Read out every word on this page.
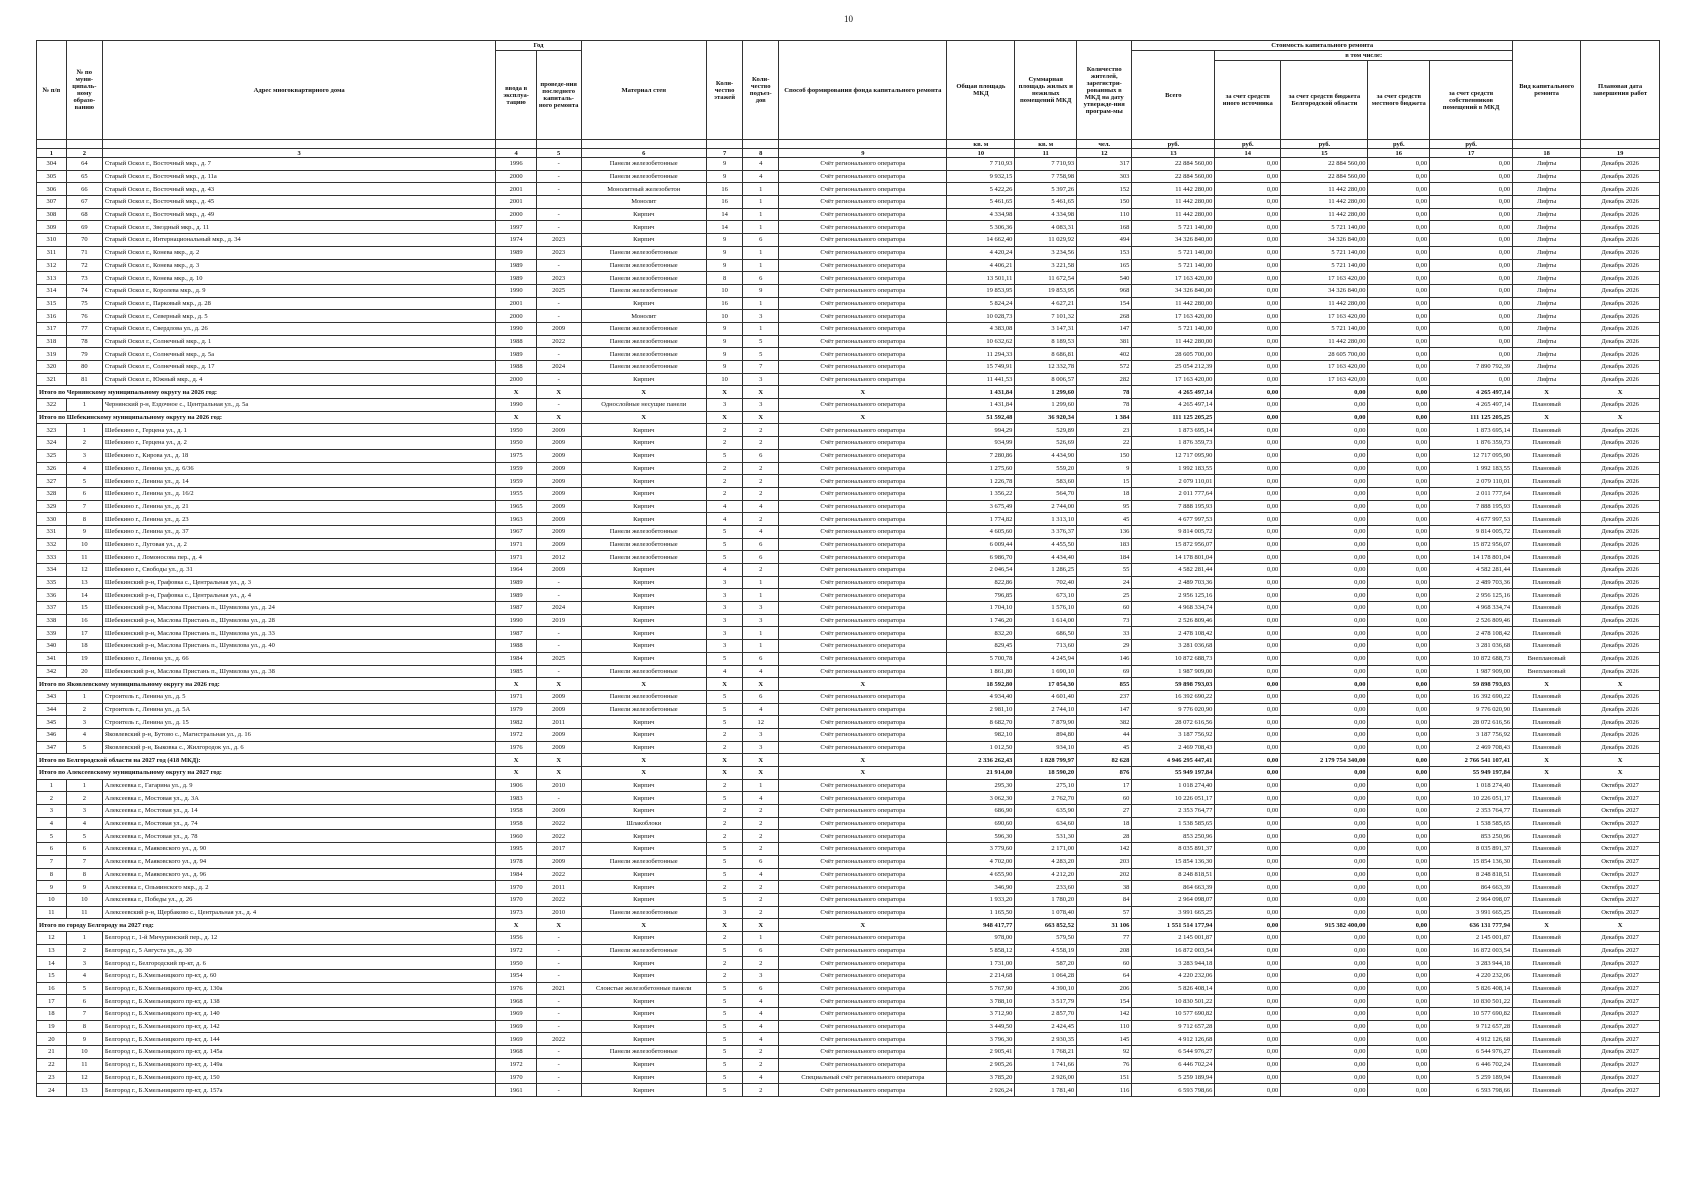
10
№ п/п	№ по муни-ципаль-ному образо-ванию	Адрес многоквартирного дома	Год		Материал стен	Коли-чество этажей	Коли-чество подъез-дов	Способ формирования фонда капитального ремонта	Общая площадь МКД	Суммарная площадь жилых и нежилых помещений МКД	Количество жителей, зарегистри-рованных в МКД на дату утвержде-ния програм-мы	Стоимость капитального ремонта					Вид капитального ремонта	Плановая дата завершения работ
			ввода в эксплуа-тацию	проведе-ния последнего капиталь-ного ремонта								Всего	в том числе:					
													за счет средств иного источника	за счет средств бюджета Белгородской области	за счет средств местного бюджета	за счет средств собственников помещений в МКД		
									кв. м	кв. м	чел.	руб.	руб.	руб.	руб.	руб.		
1	2	3	4	5	6	7	8	9	10	11	12	13	14	15	16	17	18	19
304	64	Старый Оскол г., Восточный мкр., д. 7	1996	-	Панели железобетонные	9	4	Счёт регионального оператора	7 710,93	7 710,93	317	22 884 560,00	0,00	22 884 560,00	0,00	0,00	Лифты	Декабрь 2026
305	65	Старый Оскол г., Восточный мкр., д. 11а	2000	-	Панели железобетонные	9	4	Счёт регионального оператора	9 932,15	7 758,98	303	22 884 560,00	0,00	22 884 560,00	0,00	0,00	Лифты	Декабрь 2026
306	66	Старый Оскол г., Восточный мкр., д. 43	2001	-	Монолитный железобетон	16	1	Счёт регионального оператора	5 422,26	5 397,26	152	11 442 280,00	0,00	11 442 280,00	0,00	0,00	Лифты	Декабрь 2026
307	67	Старый Оскол г., Восточный мкр., д. 45	2001		Монолит	16	1	Счёт регионального оператора	5 461,65	5 461,65	150	11 442 280,00	0,00	11 442 280,00	0,00	0,00	Лифты	Декабрь 2026
308	68	Старый Оскол г., Восточный мкр., д. 49	2000	-	Кирпич	14	1	Счёт регионального оператора	4 334,98	4 334,98	110	11 442 280,00	0,00	11 442 280,00	0,00	0,00	Лифты	Декабрь 2026
309	69	Старый Оскол г., Звездный мкр., д. 11	1997	-	Кирпич	14	1	Счёт регионального оператора	5 306,36	4 083,31	168	5 721 140,00	0,00	5 721 140,00	0,00	0,00	Лифты	Декабрь 2026
310	70	Старый Оскол г., Интернациональный мкр., д. 34	1974	2023	Кирпич	9	6	Счёт регионального оператора	14 662,40	11 029,92	494	34 326 840,00	0,00	34 326 840,00	0,00	0,00	Лифты	Декабрь 2026
311	71	Старый Оскол г., Конева мкр., д. 2	1989	2023	Панели железобетонные	9	1	Счёт регионального оператора	4 420,24	3 234,56	153	5 721 140,00	0,00	5 721 140,00	0,00	0,00	Лифты	Декабрь 2026
312	72	Старый Оскол г., Конева мкр., д. 3	1989	-	Панели железобетонные	9	1	Счёт регионального оператора	4 406,21	3 221,58	165	5 721 140,00	0,00	5 721 140,00	0,00	0,00	Лифты	Декабрь 2026
313	73	Старый Оскол г., Конева мкр., д. 10	1989	2023	Панели железобетонные	8	6	Счёт регионального оператора	13 501,11	11 672,54	540	17 163 420,00	0,00	17 163 420,00	0,00	0,00	Лифты	Декабрь 2026
314	74	Старый Оскол г., Королева мкр., д. 9	1990	2025	Панели железобетонные	10	9	Счёт регионального оператора	19 853,95	19 853,95	968	34 326 840,00	0,00	34 326 840,00	0,00	0,00	Лифты	Декабрь 2026
315	75	Старый Оскол г., Парковый мкр., д. 28	2001	-	Кирпич	16	1	Счёт регионального оператора	5 824,24	4 627,21	154	11 442 280,00	0,00	11 442 280,00	0,00	0,00	Лифты	Декабрь 2026
316	76	Старый Оскол г., Северный мкр., д. 5	2000	-	Монолит	10	3	Счёт регионального оператора	10 028,73	7 101,32	268	17 163 420,00	0,00	17 163 420,00	0,00	0,00	Лифты	Декабрь 2026
317	77	Старый Оскол г., Свердлова ул., д. 26	1990	2009	Панели железобетонные	9	1	Счёт регионального оператора	4 383,08	3 147,31	147	5 721 140,00	0,00	5 721 140,00	0,00	0,00	Лифты	Декабрь 2026
318	78	Старый Оскол г., Солнечный мкр., д. 1	1988	2022	Панели железобетонные	9	5	Счёт регионального оператора	10 632,62	8 189,53	381	11 442 280,00	0,00	11 442 280,00	0,00	0,00	Лифты	Декабрь 2026
319	79	Старый Оскол г., Солнечный мкр., д. 5а	1989	-	Панели железобетонные	9	5	Счёт регионального оператора	11 294,33	8 686,81	402	28 605 700,00	0,00	28 605 700,00	0,00	0,00	Лифты	Декабрь 2026
320	80	Старый Оскол г., Солнечный мкр., д. 17	1988	2024	Панели железобетонные	9	7	Счёт регионального оператора	15 749,91	12 332,78	572	25 054 212,39	0,00	17 163 420,00	0,00	7 890 792,39	Лифты	Декабрь 2026
321	81	Старый Оскол г., Южный мкр., д. 4	2000	-	Кирпич	10	3	Счёт регионального оператора	11 441,53	8 006,57	282	17 163 420,00	0,00	17 163 420,00	0,00	0,00	Лифты	Декабрь 2026
Итого по Чернянскому муниципальному округу на 2026 год:			X	X	X	X	X	X	1 431,84	1 299,60	78	4 265 497,14	0,00	0,00	0,00	4 265 497,14	X	X
322	1	Чернянский р-н, Ездочное с., Центральная ул., д. 5а	1990	-	Однослойные несущие панели	3	3	Счёт регионального оператора	1 431,84	1 299,60	78	4 265 497,14	0,00	0,00	0,00	4 265 497,14	Плановый	Декабрь 2026
Итого по Шебекинскому муниципальному округу на 2026 год:			X	X	X	X	X	X	51 592,48	36 920,34	1 384	111 125 205,25	0,00	0,00	0,00	111 125 205,25	X	X
323	1	Шебекино г., Герцена ул., д. 1	1950	2009	Кирпич	2	2	Счёт регионального оператора	994,29	529,89	23	1 873 695,14	0,00	0,00	0,00	1 873 695,14	Плановый	Декабрь 2026
324	2	Шебекино г., Герцена ул., д. 2	1950	2009	Кирпич	2	2	Счёт регионального оператора	934,99	526,69	22	1 876 359,73	0,00	0,00	0,00	1 876 359,73	Плановый	Декабрь 2026
325	3	Шебекино г., Кирова ул., д. 18	1975	2009	Кирпич	5	6	Счёт регионального оператора	7 280,86	4 434,90	150	12 717 095,90	0,00	0,00	0,00	12 717 095,90	Плановый	Декабрь 2026
326	4	Шебекино г., Ленина ул., д. 6/36	1959	2009	Кирпич	2	2	Счёт регионального оператора	1 275,60	559,20	9	1 992 183,55	0,00	0,00	0,00	1 992 183,55	Плановый	Декабрь 2026
327	5	Шебекино г., Ленина ул., д. 14	1959	2009	Кирпич	2	2	Счёт регионального оператора	1 226,78	583,60	15	2 079 110,01	0,00	0,00	0,00	2 079 110,01	Плановый	Декабрь 2026
328	6	Шебекино г., Ленина ул., д. 16/2	1955	2009	Кирпич	2	2	Счёт регионального оператора	1 356,22	564,70	18	2 011 777,64	0,00	0,00	0,00	2 011 777,64	Плановый	Декабрь 2026
329	7	Шебекино г., Ленина ул., д. 21	1965	2009	Кирпич	4	4	Счёт регионального оператора	3 675,49	2 744,00	95	7 888 195,93	0,00	0,00	0,00	7 888 195,93	Плановый	Декабрь 2026
330	8	Шебекино г., Ленина ул., д. 23	1963	2009	Кирпич	4	2	Счёт регионального оператора	1 774,82	1 313,10	45	4 677 997,53	0,00	0,00	0,00	4 677 997,53	Плановый	Декабрь 2026
331	9	Шебекино г., Ленина ул., д. 37	1967	2009	Панели железобетонные	5	4	Счёт регионального оператора	4 605,60	3 376,37	136	9 814 005,72	0,00	0,00	0,00	9 814 005,72	Плановый	Декабрь 2026
332	10	Шебекино г., Луговая ул., д. 2	1971	2009	Панели железобетонные	5	6	Счёт регионального оператора	6 009,44	4 455,50	183	15 872 956,07	0,00	0,00	0,00	15 872 956,07	Плановый	Декабрь 2026
333	11	Шебекино г., Ломоносова пер., д. 4	1971	2012	Панели железобетонные	5	6	Счёт регионального оператора	6 986,70	4 434,40	184	14 178 801,04	0,00	0,00	0,00	14 178 801,04	Плановый	Декабрь 2026
334	12	Шебекино г., Свободы ул., д. 31	1964	2009	Кирпич	4	2	Счёт регионального оператора	2 046,54	1 286,25	55	4 582 281,44	0,00	0,00	0,00	4 582 281,44	Плановый	Декабрь 2026
335	13	Шебекинский р-н, Графовка с., Центральная ул., д. 3	1989	-	Кирпич	3	1	Счёт регионального оператора	822,86	702,40	24	2 489 703,36	0,00	0,00	0,00	2 489 703,36	Плановый	Декабрь 2026
336	14	Шебекинский р-н, Графовка с., Центральная ул., д. 4	1989	-	Кирпич	3	1	Счёт регионального оператора	796,85	673,10	25	2 956 125,16	0,00	0,00	0,00	2 956 125,16	Плановый	Декабрь 2026
337	15	Шебекинский р-н, Маслова Пристань п., Шумилова ул., д. 24	1987	2024	Кирпич	3	3	Счёт регионального оператора	1 704,10	1 576,10	60	4 968 334,74	0,00	0,00	0,00	4 968 334,74	Плановый	Декабрь 2026
338	16	Шебекинский р-н, Маслова Пристань п., Шумилова ул., д. 28	1990	2019	Кирпич	3	3	Счёт регионального оператора	1 746,20	1 614,00	73	2 526 809,46	0,00	0,00	0,00	2 526 809,46	Плановый	Декабрь 2026
339	17	Шебекинский р-н, Маслова Пристань п., Шумилова ул., д. 33	1987	-	Кирпич	3	1	Счёт регионального оператора	832,20	686,50	33	2 478 108,42	0,00	0,00	0,00	2 478 108,42	Плановый	Декабрь 2026
340	18	Шебекинский р-н, Маслова Пристань п., Шумилова ул., д. 40	1988	-	Кирпич	3	1	Счёт регионального оператора	829,45	713,60	29	3 281 036,68	0,00	0,00	0,00	3 281 036,68	Плановый	Декабрь 2026
341	19	Шебекино г., Ленина ул., д. 66	1984	2025	Кирпич	5	6	Счёт регионального оператора	5 700,78	4 245,94	146	10 872 688,73	0,00	0,00	0,00	10 872 688,73	Внеплановый	Декабрь 2026
342	20	Шебекинский р-н, Маслова Пристань п., Шумилова ул., д. 38	1985	-	Панели железобетонные	4	4	Счёт регионального оператора	1 861,80	1 690,10	69	1 987 909,00	0,00	0,00	0,00	1 987 909,00	Внеплановый	Декабрь 2026
Итого по Яковлевскому муниципальному округу на 2026 год:			X	X	X	X	X	X	18 592,80	17 054,30	855	59 898 793,03	0,00	0,00	0,00	59 898 793,03	X	X
343	1	Строитель г., Ленина ул., д. 5	1971	2009	Панели железобетонные	5	6	Счёт регионального оператора	4 934,40	4 601,40	237	16 392 690,22	0,00	0,00	0,00	16 392 690,22	Плановый	Декабрь 2026
344	2	Строитель г., Ленина ул., д. 5А	1979	2009	Панели железобетонные	5	4	Счёт регионального оператора	2 981,10	2 744,10	147	9 776 020,90	0,00	0,00	0,00	9 776 020,90	Плановый	Декабрь 2026
345	3	Строитель г., Ленина ул., д. 15	1982	2011	Кирпич	5	12	Счёт регионального оператора	8 682,70	7 879,90	382	28 072 616,56	0,00	0,00	0,00	28 072 616,56	Плановый	Декабрь 2026
346	4	Яковлевский р-н, Бутово с., Магистральная ул., д. 16	1972	2009	Кирпич	2	3	Счёт регионального оператора	982,10	894,80	44	3 187 756,92	0,00	0,00	0,00	3 187 756,92	Плановый	Декабрь 2026
347	5	Яковлевский р-н, Быковка с., Жилгородок ул., д. 6	1976	2009	Кирпич	2	3	Счёт регионального оператора	1 012,50	934,10	45	2 469 708,43	0,00	0,00	0,00	2 469 708,43	Плановый	Декабрь 2026
Итого по Белгородской области на 2027 год (418 МКД):			X	X	X	X	X	X	2 336 262,43	1 828 799,97	82 628	4 946 295 447,41	0,00	2 179 754 340,00	0,00	2 766 541 107,41	X	X
Итого по Алексеевскому муниципальному округу на 2027 год:			X	X	X	X	X	X	21 914,00	18 590,20	876	55 949 197,84	0,00	0,00	0,00	55 949 197,84	X	X
1	1	Алексеевка г., Гагарина ул., д. 9	1906	2010	Кирпич	2	1	Счёт регионального оператора	295,30	275,10	17	1 018 274,40	0,00	0,00	0,00	1 018 274,40	Плановый	Октябрь 2027
2	2	Алексеевка г., Мостовая ул., д. 3А	1983	-	Кирпич	5	4	Счёт регионального оператора	3 062,30	2 762,70	60	10 226 051,17	0,00	0,00	0,00	10 226 051,17	Плановый	Октябрь 2027
3	3	Алексеевка г., Мостовая ул., д. 14	1958	2009	Кирпич	2	2	Счёт регионального оператора	686,90	635,90	27	2 353 764,77	0,00	0,00	0,00	2 353 764,77	Плановый	Октябрь 2027
4	4	Алексеевка г., Мостовая ул., д. 74	1958	2022	Шлакоблоки	2	2	Счёт регионального оператора	690,60	634,60	18	1 538 585,65	0,00	0,00	0,00	1 538 585,65	Плановый	Октябрь 2027
5	5	Алексеевка г., Мостовая ул., д. 78	1960	2022	Кирпич	2	2	Счёт регионального оператора	596,30	531,30	28	853 250,96	0,00	0,00	0,00	853 250,96	Плановый	Октябрь 2027
6	6	Алексеевка г., Маяковского ул., д. 90	1995	2017	Кирпич	5	2	Счёт регионального оператора	3 779,60	2 171,00	142	8 035 891,37	0,00	0,00	0,00	8 035 891,37	Плановый	Октябрь 2027
7	7	Алексеевка г., Маяковского ул., д. 94	1978	2009	Панели железобетонные	5	6	Счёт регионального оператора	4 702,00	4 283,20	203	15 854 136,30	0,00	0,00	0,00	15 854 136,30	Плановый	Октябрь 2027
8	8	Алексеевка г., Маяковского ул., д. 96	1984	2022	Кирпич	5	4	Счёт регионального оператора	4 655,90	4 212,20	202	8 248 818,51	0,00	0,00	0,00	8 248 818,51	Плановый	Октябрь 2027
9	9	Алексеевка г., Ольминского мкр., д. 2	1970	2011	Кирпич	2	2	Счёт регионального оператора	346,90	233,60	38	864 663,39	0,00	0,00	0,00	864 663,39	Плановый	Октябрь 2027
10	10	Алексеевка г., Победы ул., д. 26	1970	2022	Кирпич	5	2	Счёт регионального оператора	1 933,20	1 780,20	84	2 964 098,07	0,00	0,00	0,00	2 964 098,07	Плановый	Октябрь 2027
11	11	Алексеевский р-н, Щербаково с., Центральная ул., д. 4	1973	2010	Панели железобетонные	3	2	Счёт регионального оператора	1 165,50	1 078,40	57	3 991 665,25	0,00	0,00	0,00	3 991 665,25	Плановый	Октябрь 2027
Итого по городу Белгороду на 2027 год:			X	X	X	X	X	X	948 417,77	663 852,52	31 106	1 551 514 177,94	0,00	915 382 400,00	0,00	636 131 777,94	X	X
12	1	Белгород г., 1-й Мичуринский пер., д. 12	1956	-	Кирпич	2	1	Счёт регионального оператора	978,00	579,50	77	2 145 001,87	0,00	0,00	0,00	2 145 001,87	Плановый	Декабрь 2027
13	2	Белгород г., 5 Августа ул., д. 30	1972	-	Панели железобетонные	5	6	Счёт регионального оператора	5 858,12	4 558,19	208	16 872 003,54	0,00	0,00	0,00	16 872 003,54	Плановый	Декабрь 2027
14	3	Белгород г., Белгородский пр-кт, д. 6	1950	-	Кирпич	2	2	Счёт регионального оператора	1 731,00	587,20	60	3 283 944,18	0,00	0,00	0,00	3 283 944,18	Плановый	Декабрь 2027
15	4	Белгород г., Б.Хмельницкого пр-кт, д. 60	1954	-	Кирпич	2	3	Счёт регионального оператора	2 214,68	1 064,28	64	4 220 232,06	0,00	0,00	0,00	4 220 232,06	Плановый	Декабрь 2027
16	5	Белгород г., Б.Хмельницкого пр-кт, д. 130а	1976	2021	Слоистые железобетонные панели	5	6	Счёт регионального оператора	5 767,90	4 390,10	206	5 826 408,14	0,00	0,00	0,00	5 826 408,14	Плановый	Декабрь 2027
17	6	Белгород г., Б.Хмельницкого пр-кт, д. 138	1968	-	Кирпич	5	4	Счёт регионального оператора	3 788,10	3 517,79	154	10 830 501,22	0,00	0,00	0,00	10 830 501,22	Плановый	Декабрь 2027
18	7	Белгород г., Б.Хмельницкого пр-кт, д. 140	1969	-	Кирпич	5	4	Счёт регионального оператора	3 712,90	2 857,70	142	10 577 690,82	0,00	0,00	0,00	10 577 690,82	Плановый	Декабрь 2027
19	8	Белгород г., Б.Хмельницкого пр-кт, д. 142	1969	-	Кирпич	5	4	Счёт регионального оператора	3 449,50	2 424,45	110	9 712 657,28	0,00	0,00	0,00	9 712 657,28	Плановый	Декабрь 2027
20	9	Белгород г., Б.Хмельницкого пр-кт, д. 144	1969	2022	Кирпич	5	4	Счёт регионального оператора	3 796,30	2 930,35	145	4 912 126,68	0,00	0,00	0,00	4 912 126,68	Плановый	Декабрь 2027
21	10	Белгород г., Б.Хмельницкого пр-кт, д. 145а	1968	-	Панели железобетонные	5	2	Счёт регионального оператора	2 905,41	1 768,21	92	6 544 976,27	0,00	0,00	0,00	6 544 976,27	Плановый	Декабрь 2027
22	11	Белгород г., Б.Хмельницкого пр-кт, д. 149а	1972	-	Кирпич	5	2	Счёт регионального оператора	2 905,26	1 741,66	76	6 446 702,24	0,00	0,00	0,00	6 446 702,24	Плановый	Декабрь 2027
23	12	Белгород г., Б.Хмельницкого пр-кт, д. 150	1970	-	Кирпич	5	4	Специальный счёт регионального оператора	3 785,20	2 926,00	151	5 259 189,94	0,00	0,00	0,00	5 259 189,94	Плановый	Декабрь 2027
24	13	Белгород г., Б.Хмельницкого пр-кт, д. 157а	1961	-	Кирпич	5	2	Счёт регионального оператора	2 926,24	1 781,40	116	6 593 798,66	0,00	0,00	0,00	6 593 798,66	Плановый	Декабрь 2027
